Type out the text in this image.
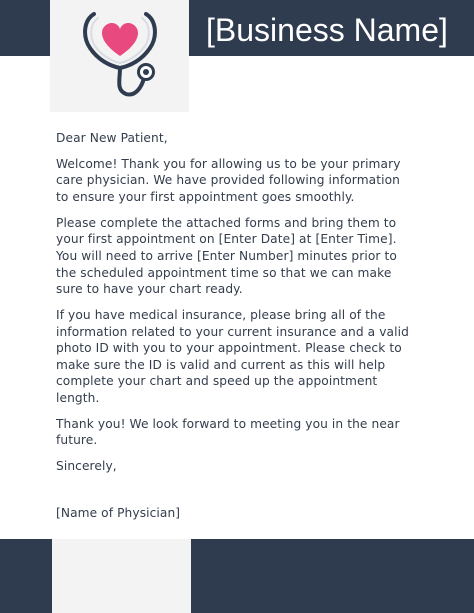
[Business Name]

Dear New Patient,

Welcome! Thank you for allowing us to be your primary care physician. We have provided following information to ensure your first appointment goes smoothly.

Please complete the attached forms and bring them to your first appointment on [Enter Date] at [Enter Time]. You will need to arrive [Enter Number] minutes prior to the scheduled appointment time so that we can make sure to have your chart ready.

If you have medical insurance, please bring all of the information related to your current insurance and a valid photo ID with you to your appointment. Please check to make sure the ID is valid and current as this will help complete your chart and speed up the appointment length.

Thank you! We look forward to meeting you in the near future.

Sincerely,

[Name of Physician]
